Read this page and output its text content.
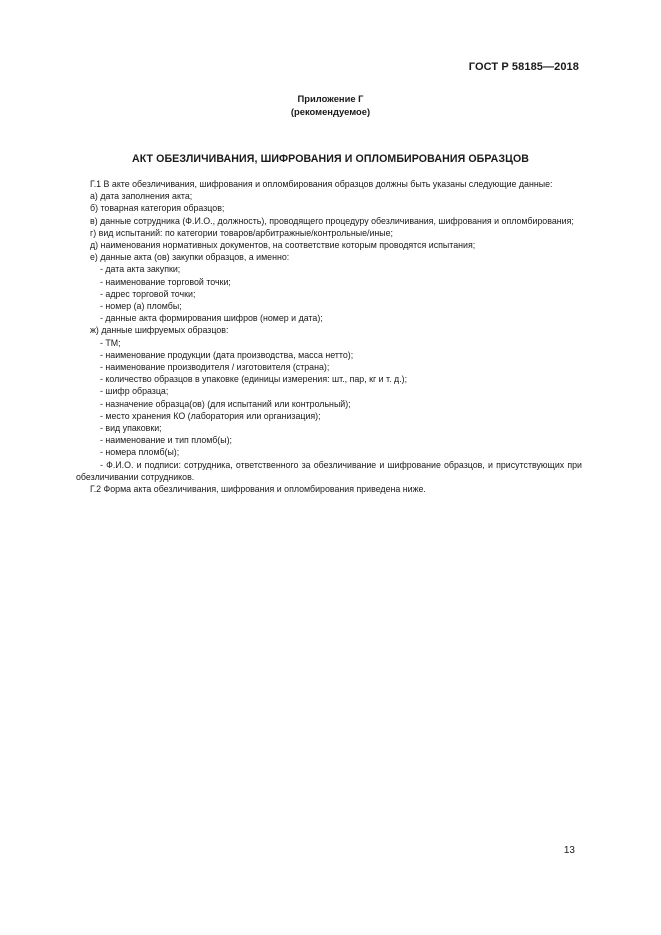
ГОСТ Р 58185—2018
Приложение Г
(рекомендуемое)
АКТ ОБЕЗЛИЧИВАНИЯ, ШИФРОВАНИЯ И ОПЛОМБИРОВАНИЯ ОБРАЗЦОВ

Г.1 В акте обезличивания, шифрования и опломбирования образцов должны быть указаны следующие данные:

а) дата заполнения акта;

б) товарная категория образцов;

в) данные сотрудника (Ф.И.О., должность), проводящего процедуру обезличивания, шифрования и опломбирования;

г) вид испытаний: по категории товаров/арбитражные/контрольные/иные;

д) наименования нормативных документов, на соответствие которым проводятся испытания;

е) данные акта (ов) закупки образцов, а именно:

- дата акта закупки;

- наименование торговой точки;

- адрес торговой точки;

- номер (а) пломбы;

- данные акта формирования шифров (номер и дата);

ж) данные шифруемых образцов:

- ТМ;

- наименование продукции (дата производства, масса нетто);

- наименование производителя / изготовителя (страна);

- количество образцов в упаковке (единицы измерения: шт., пар, кг и т. д.);

- шифр образца;

- назначение образца(ов) (для испытаний или контрольный);

- место хранения КО (лаборатория или организация);

- вид упаковки;

- наименование и тип пломб(ы);

- номера пломб(ы);

- Ф.И.О. и подписи: сотрудника, ответственного за обезличивание и шифрование образцов, и присутствующих при обезличивании сотрудников.

Г.2 Форма акта обезличивания, шифрования и опломбирования приведена ниже.

13
